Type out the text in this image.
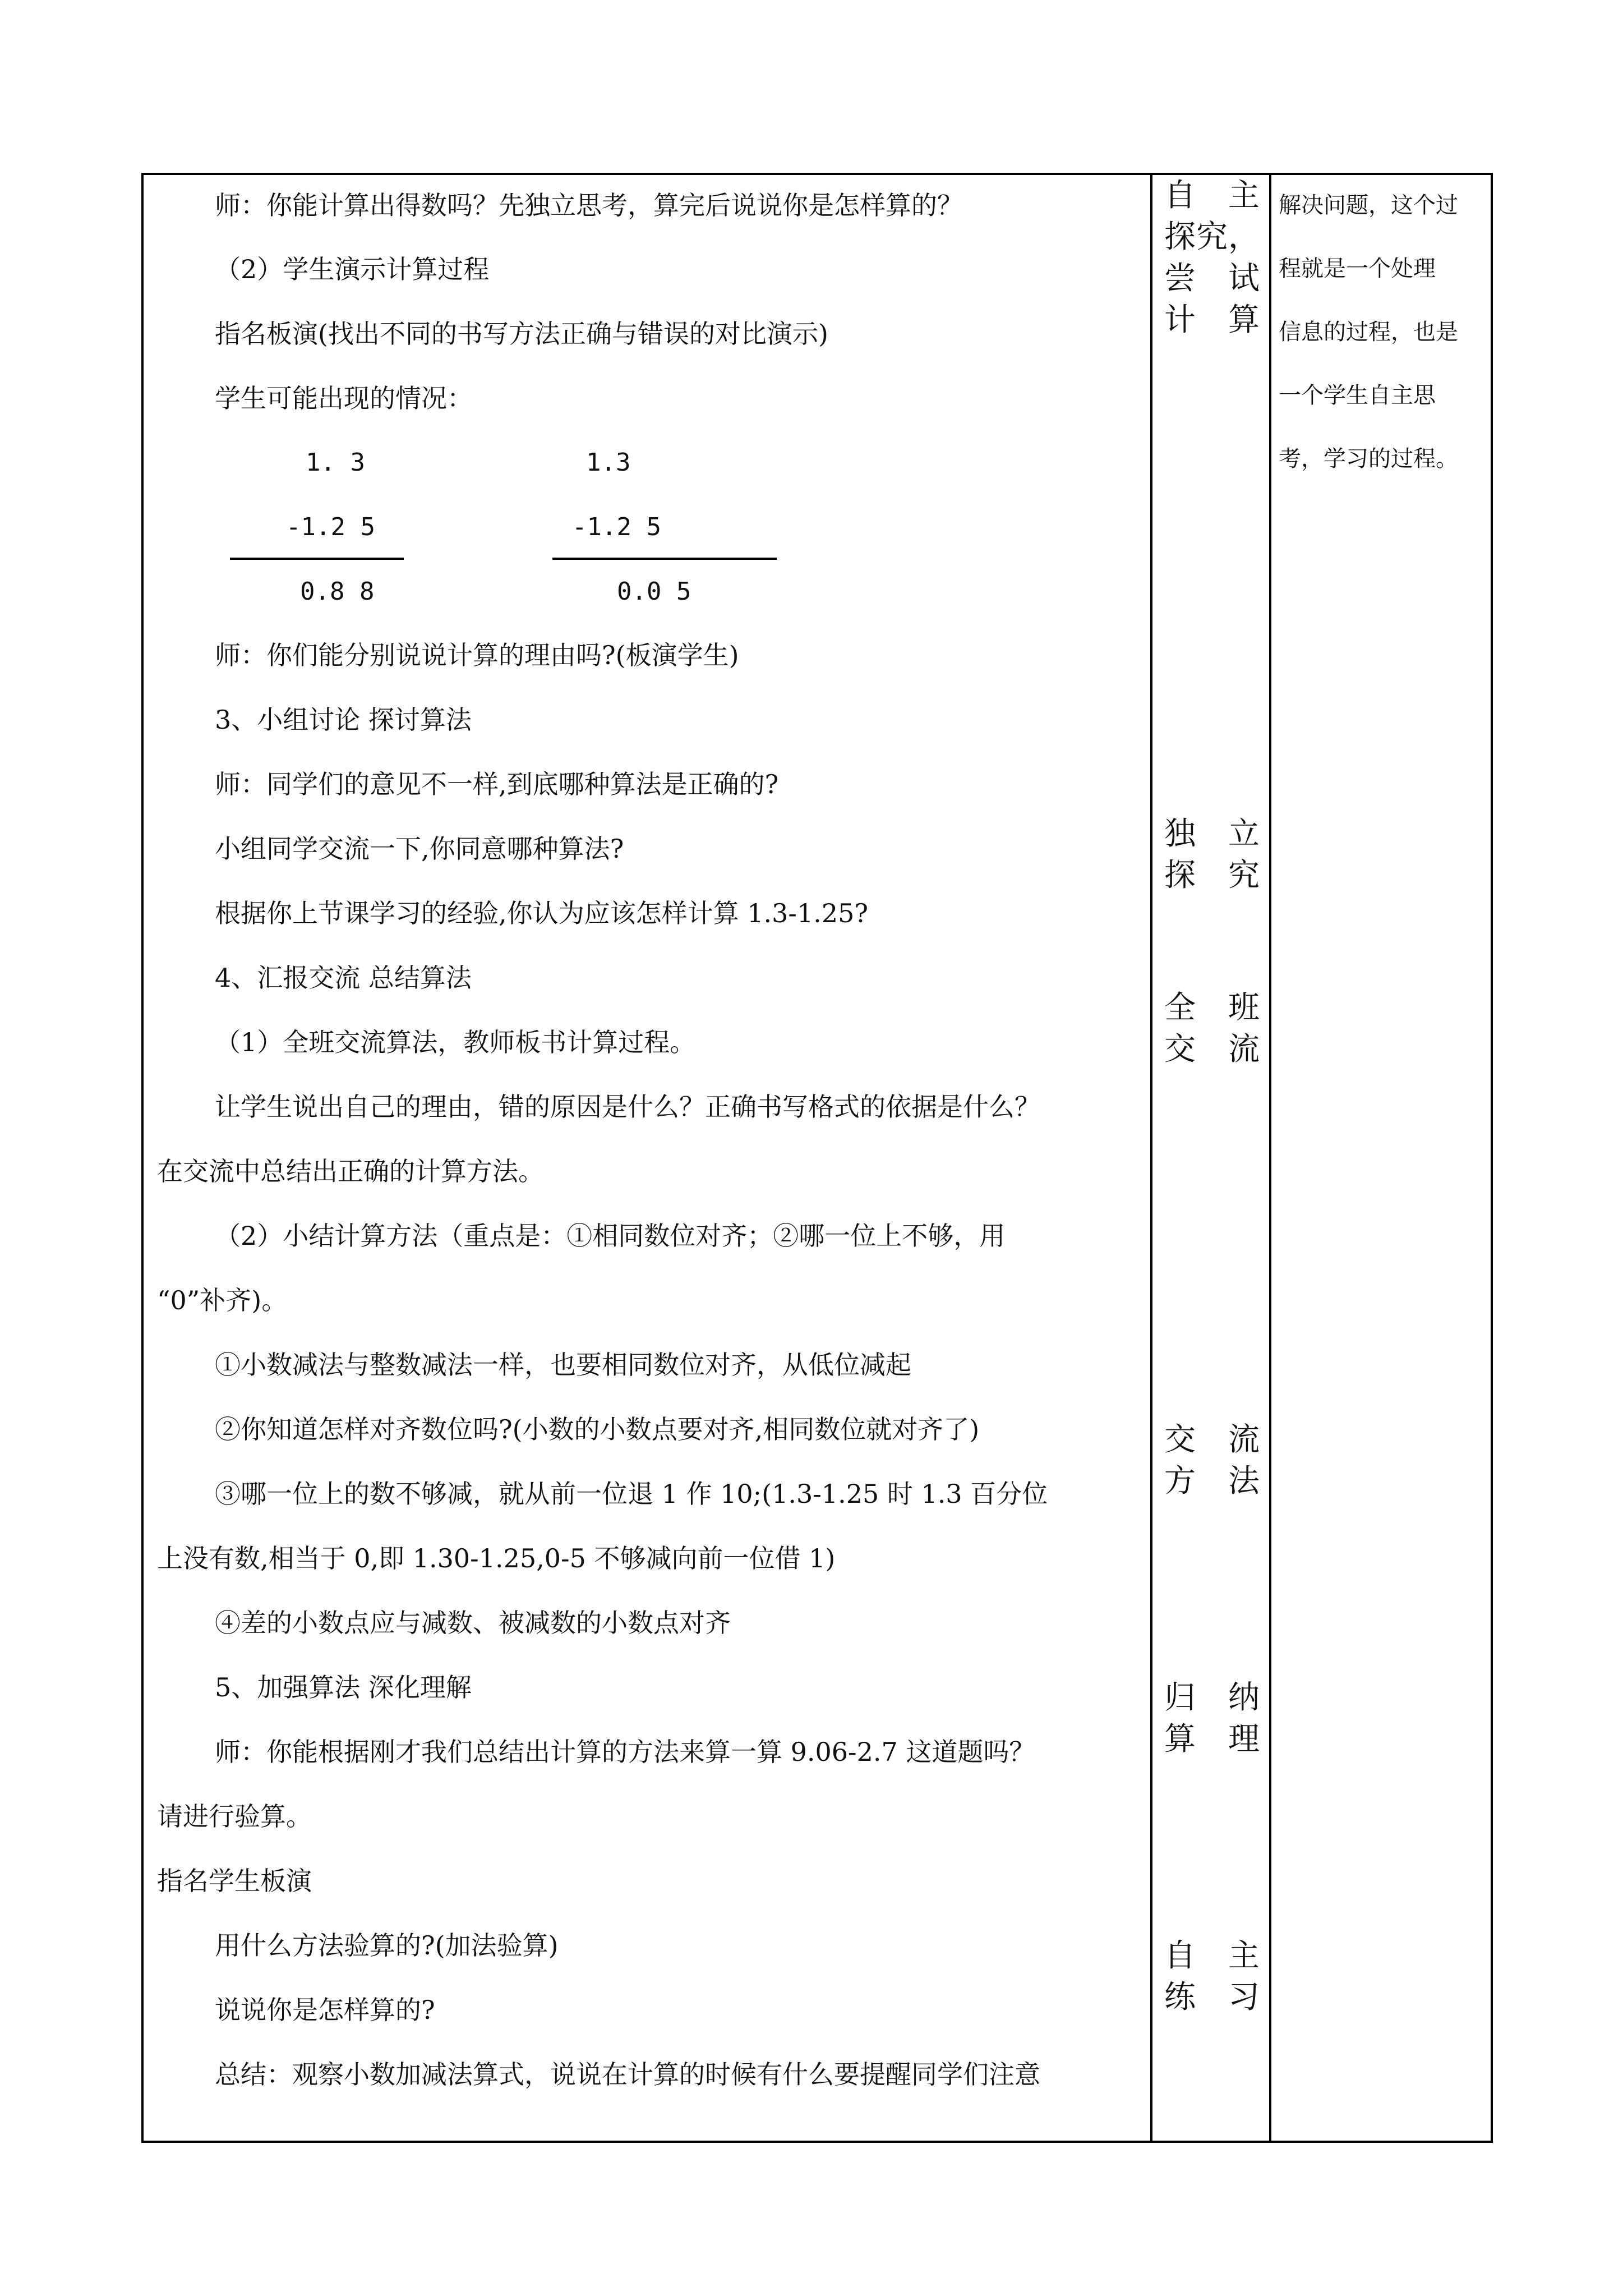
师：你能计算出得数吗？先独立思考，算完后说说你是怎样算的？
（2）学生演示计算过程
指名板演(找出不同的书写方法正确与错误的对比演示)
学生可能出现的情况：
1. 3
-1.2 5
0.8 8
1.3
-1.2 5
0.0 5
师：你们能分别说说计算的理由吗?(板演学生)
3、小组讨论 探讨算法
师：同学们的意见不一样,到底哪种算法是正确的?
小组同学交流一下,你同意哪种算法?
根据你上节课学习的经验,你认为应该怎样计算 1.3-1.25?
4、汇报交流 总结算法
（1）全班交流算法，教师板书计算过程。
让学生说出自己的理由，错的原因是什么？正确书写格式的依据是什么？
在交流中总结出正确的计算方法。
（2）小结计算方法（重点是：①相同数位对齐；②哪一位上不够，用
“0”补齐)。
①小数减法与整数减法一样，也要相同数位对齐，从低位减起
②你知道怎样对齐数位吗?(小数的小数点要对齐,相同数位就对齐了)
③哪一位上的数不够减，就从前一位退 1 作 10;(1.3-1.25 时 1.3 百分位
上没有数,相当于 0,即 1.30-1.25,0-5 不够减向前一位借 1)
④差的小数点应与减数、被减数的小数点对齐
5、加强算法 深化理解
师：你能根据刚才我们总结出计算的方法来算一算 9.06-2.7 这道题吗？
请进行验算。
指名学生板演
用什么方法验算的?(加法验算)
说说你是怎样算的?
总结：观察小数加减法算式，说说在计算的时候有什么要提醒同学们注意
自 主
探究，
尝 试
计算
独 立
探 究
全 班
交 流
交 流
方 法
归纳
算理
自 主
练习
解决问题，这个过
程就是一个处理
信息的过程，也是
一个学生自主思
考，学习的过程。
